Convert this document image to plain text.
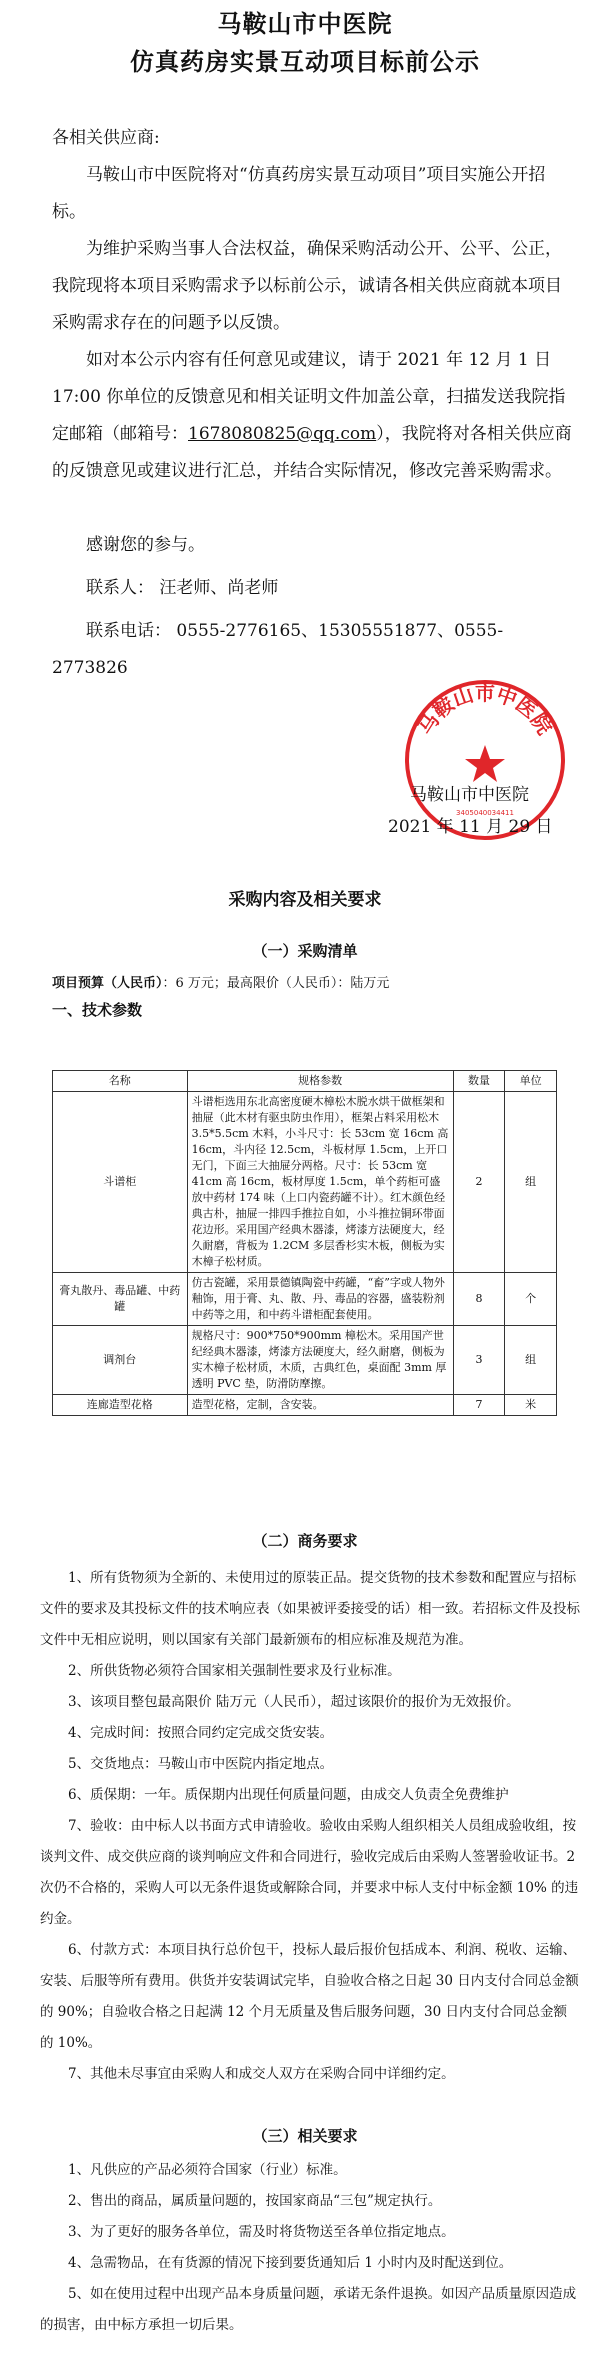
马鞍山市中医院
仿真药房实景互动项目标前公示
各相关供应商:
马鞍山市中医院将对“仿真药房实景互动项目”项目实施公开招标。
为维护采购当事人合法权益，确保采购活动公开、公平、公正，我院现将本项目采购需求予以标前公示，诚请各相关供应商就本项目采购需求存在的问题予以反馈。
如对本公示内容有任何意见或建议，请于 2021 年 12 月 1 日 17:00 你单位的反馈意见和相关证明文件加盖公章，扫描发送我院指定邮箱（邮箱号：1678080825@qq.com），我院将对各相关供应商的反馈意见或建议进行汇总，并结合实际情况，修改完善采购需求。
感谢您的参与。
联系人： 汪老师、尚老师
联系电话： 0555-2776165、15305551877、0555-2773826
马鞍山市中医院
3405040034411
马鞍山市中医院
2021 年 11 月 29 日
采购内容及相关要求
（一）采购清单
项目预算（人民币）：6 万元；最高限价（人民币）：陆万元
一、技术参数
名称	规格参数	数量	单位
斗谱柜	斗谱柜选用东北高密度硬木樟松木脱水烘干做框架和抽屉（此木材有驱虫防虫作用），框架占料采用松木 3.5*5.5cm 木料，小斗尺寸：长 53cm 宽 16cm 高 16cm，斗内径 12.5cm，斗板材厚 1.5cm，上开口无门，下面三大抽屉分两格。尺寸：长 53cm 宽 41cm 高 16cm，板材厚度 1.5cm，单个药柜可盛放中药材 174 味（上口内瓷药罐不计）。红木颜色经典古朴，抽屉一排四手推拉自如，小斗推拉铜环带面花边形。采用国产经典木器漆，烤漆方法硬度大，经久耐磨，背板为 1.2CM 多层香杉实木板，侧板为实木樟子松材质。	2	组
膏丸散丹、毒品罐、中药罐	仿古瓷罐，采用景德镇陶瓷中药罐，“畜”字或人物外釉饰，用于膏、丸、散、丹、毒品的容器，盛装粉剂中药等之用，和中药斗谱柜配套使用。	8	个
调剂台	规格尺寸：900*750*900mm 樟松木。采用国产世纪经典木器漆，烤漆方法硬度大，经久耐磨，侧板为实木樟子松材质，木质，古典红色，桌面配 3mm 厚透明 PVC 垫，防滑防摩擦。	3	组
连廊造型花格	造型花格，定制，含安装。	7	米
（二）商务要求
1、所有货物须为全新的、未使用过的原装正品。提交货物的技术参数和配置应与招标文件的要求及其投标文件的技术响应表（如果被评委接受的话）相一致。若招标文件及投标文件中无相应说明，则以国家有关部门最新颁布的相应标准及规范为准。
2、所供货物必须符合国家相关强制性要求及行业标准。
3、该项目整包最高限价 陆万元（人民币），超过该限价的报价为无效报价。
4、完成时间：按照合同约定完成交货安装。
5、交货地点：马鞍山市中医院内指定地点。
6、质保期：一年。质保期内出现任何质量问题，由成交人负责全免费维护
7、验收：由中标人以书面方式申请验收。验收由采购人组织相关人员组成验收组，按谈判文件、成交供应商的谈判响应文件和合同进行，验收完成后由采购人签署验收证书。2 次仍不合格的，采购人可以无条件退货或解除合同，并要求中标人支付中标金额 10% 的违约金。
6、付款方式：本项目执行总价包干，投标人最后报价包括成本、利润、税收、运输、安装、后服等所有费用。供货并安装调试完毕，自验收合格之日起 30 日内支付合同总金额的 90%；自验收合格之日起满 12 个月无质量及售后服务问题，30 日内支付合同总金额的 10%。
7、其他未尽事宜由采购人和成交人双方在采购合同中详细约定。
（三）相关要求
1、凡供应的产品必须符合国家（行业）标准。
2、售出的商品，属质量问题的，按国家商品“三包”规定执行。
3、为了更好的服务各单位，需及时将货物送至各单位指定地点。
4、急需物品，在有货源的情况下接到要货通知后 1 小时内及时配送到位。
5、如在使用过程中出现产品本身质量问题，承诺无条件退换。如因产品质量原因造成的损害，由中标方承担一切后果。
